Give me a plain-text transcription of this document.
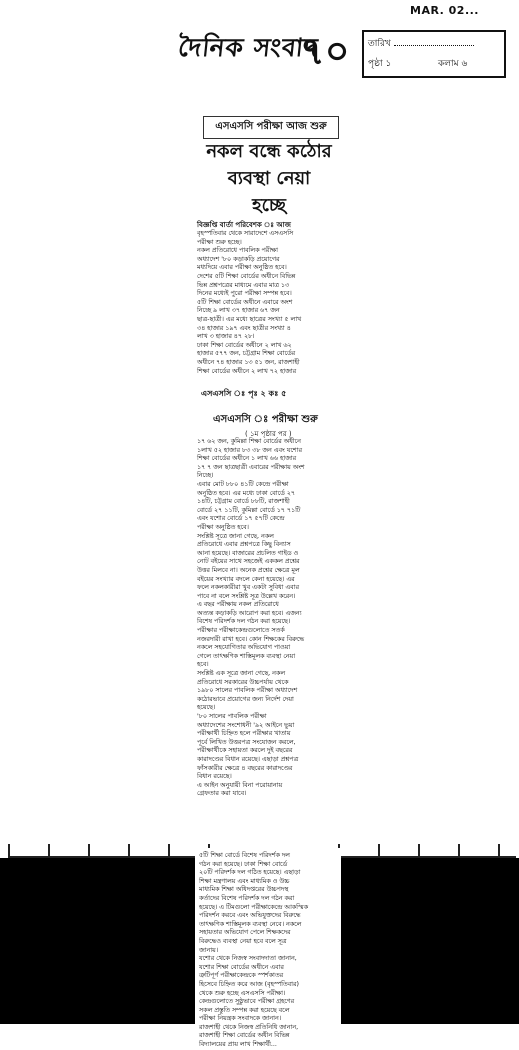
MAR. 02...
দৈনিক সংবাদ
৭০ তারিখ
পৃষ্ঠা ১	কলাম ৬
এসএসসি পরীক্ষা আজ শুরু
নকল বন্ধে কঠোর
ব্যবস্থা নেয়া
হচ্ছে
বিজ্ঞপ্তি বার্তা পরিবেশক ঃ আজ
বৃহস্পতিবার থেকে সারাদেশে এসএসসি
পরীক্ষা শুরু হচ্ছে।
নকল প্রতিরোধে পাবলিক পরীক্ষা
অধ্যাদেশ '৮০ কড়াকড়ি প্রয়োগের
মধ্যদিয়ে এবার পরীক্ষা অনুষ্ঠিত হবে।
দেশের ৫টি শিক্ষা বোর্ডের অধীনে বিভিন্ন
ভিন্ন প্রশ্নপত্রের মাধ্যমে এবার মাত্র ১৩
দিনের মধ্যেই পুরো পরীক্ষা সম্পন্ন হবে।
৫টি শিক্ষা বোর্ডের অধীনে এবারে অংশ
নিচ্ছে ৯ লাখ ৩৭ হাজার ৬৭ জন
ছাত্র-ছাত্রী। এর মধ্যে ছাত্রের সংখ্যা ৫ লাখ
৩৪ হাজার ১৯৭ এবং ছাত্রীর সংখ্যা ৪
লাখ ৩ হাজার ৪৭ ২৮।
ঢাকা শিক্ষা বোর্ডের অধীনে ২ লাখ ৬২
হাজার ৫৭৭ জন, চট্টগ্রাম শিক্ষা বোর্ডের
অধীনে ৭৪ হাজার ১৩ ৫১ জন, রাজশাহী
শিক্ষা বোর্ডের অধীনে ২ লাখ ৭২ হাজার
এসএসসি ঃ পৃঃ ২ কঃ ৫
এসএসসি ঃ পরীক্ষা শুরু
( ১ম পৃষ্ঠার পর )
১৭ ৬২ জন, কুমিল্লা শিক্ষা বোর্ডের অধীনে
১লাখ ৫২ হাজার ৮৩ ৩৮ জন এবং যশোর
শিক্ষা বোর্ডের অধীনে ১ লাখ ৬৬ হাজার
১৭ ৭ জন ছাত্রছাত্রী এবারের পরীক্ষায় অংশ
নিচ্ছে।
এবার মোট ৮৮০ ৪১টি কেন্দ্রে পরীক্ষা
অনুষ্ঠিত হবে। এর মধ্যে ঢাকা বোর্ডে ২৭
১৪টি, চট্টগ্রাম বোর্ডে ৮৮টি, রাজশাহী
বোর্ডে ২৭ ১১টি, কুমিল্লা বোর্ডে ১৭ ৭১টি
এবং যশোর বোর্ডে ১৭ ৫৭টি কেন্দ্রে
পরীক্ষা অনুষ্ঠিত হবে।
সংশ্লিষ্ট সূত্রে জানা গেছে, নকল
প্রতিরোধে এবার প্রশ্নপত্রে কিছু বিন্যাস
আনা হয়েছে। বাজারের প্রচলিত গাইড ও
নোট বইয়ের সাথে সহজেই এককল প্রশ্নের
উত্তর মিলবে না। অনেক প্রশ্নের ক্ষেত্রে মূল
বইয়ের সংখ্যার বদলে কেনা হয়েছে। এর
ফলে নকলকারীরা খুব একটা সুবিধা এবার
পাবে না বলে সংশ্লিষ্ট সূত্র উল্লেখ করেন।
এ বছর পরীক্ষায় নকল প্রতিরোধে
অত্যন্ত কড়াকড়ি আরোপ করা হবে। এজন্য
বিশেষ পরিদর্শক দল গঠন করা হয়েছে।
পরীক্ষার পরীক্ষাকেন্দ্রগুলোতে সতর্ক
নজরদারী রাখা হবে। কোন শিক্ষকের বিরুদ্ধে
নকলে সহযোগিতার অভিযোগ পাওয়া
গেলে তাৎক্ষণিক শাস্তিমূলক ব্যবস্থা নেয়া
হবে।
সংশ্লিষ্ট এক সূত্রে জানা গেছে, নকল
প্রতিরোধে সরকারের উচ্চপর্যায় থেকে
১৯৮০ সালের পাবলিক পরীক্ষা অধ্যাদেশ
কঠোরভাবে প্রয়োগের জন্য নির্দেশ দেয়া
হয়েছে।
'৮০ সালের পাবলিক পরীক্ষা
অধ্যাদেশের সংশোধনী '৯২ আইনে ভুয়া
পরীক্ষার্থী চিহ্নিত হলে পরীক্ষার খাতায়
পূর্বে লিখিত উত্তরপত্র সংযোজন করলে,
পরীক্ষার্থীকে সহায়তা করলে দুই বছরের
কারাদণ্ডের বিধান রয়েছে। এছাড়া প্রশ্নপত্র
ফাঁসকারীর ক্ষেত্রে ৪ বছরের কারাদণ্ডের
বিধান রয়েছে।
এ আইন অনুযায়ী বিনা পরোয়ানায়
গ্রেফতার করা যাবে।
৫টি শিক্ষা বোর্ডে বিশেষ পরিদর্শক দল
গঠন করা হয়েছে। ঢাকা শিক্ষা বোর্ডে
২০টি পরিদর্শক দল গঠিত হয়েছে। এছাড়া
শিক্ষা মন্ত্রণালয় এবং মাধ্যমিক ও উচ্চ
মাধ্যমিক শিক্ষা অধিদপ্তরের উচ্চপদস্থ
কর্তাদের বিশেষ পরিদর্শক দল গঠন করা
হয়েছে। এ টিমগুলো পরীক্ষাকেন্দ্রে আকস্মিক
পরিদর্শন করবে এবং অভিযুক্তদের বিরুদ্ধে
তাৎক্ষণিক শাস্তিমূলক ব্যবস্থা নেবে। নকলে
সহায়তার অভিযোগ পেলে শিক্ষকদের
বিরুদ্ধেও ব্যবস্থা নেয়া হবে বলে সূত্র
জানায়।
যশোর থেকে নিজস্ব সংবাদদাতা জানান,
যশোর শিক্ষা বোর্ডের অধীনে এবার
ত্রুটিপূর্ণ পরীক্ষাকেন্দ্রকে স্পর্শকাতর
হিসেবে চিহ্নিত করে আজ (বৃহস্পতিবার)
থেকে শুরু হচ্ছে এসএসসি পরীক্ষা।
কেন্দ্রগুলোতে সুষ্ঠুভাবে পরীক্ষা গ্রহণের
সকল প্রস্তুতি সম্পন্ন করা হয়েছে বলে
পরীক্ষা নিয়ন্ত্রক সংবাদকে জানান।
রাজশাহী থেকে নিজস্ব প্রতিনিধি জানান,
রাজশাহী শিক্ষা বোর্ডের অধীন বিভিন্ন
বিদ্যালয়ের প্রায় লাখ শিক্ষার্থী...
